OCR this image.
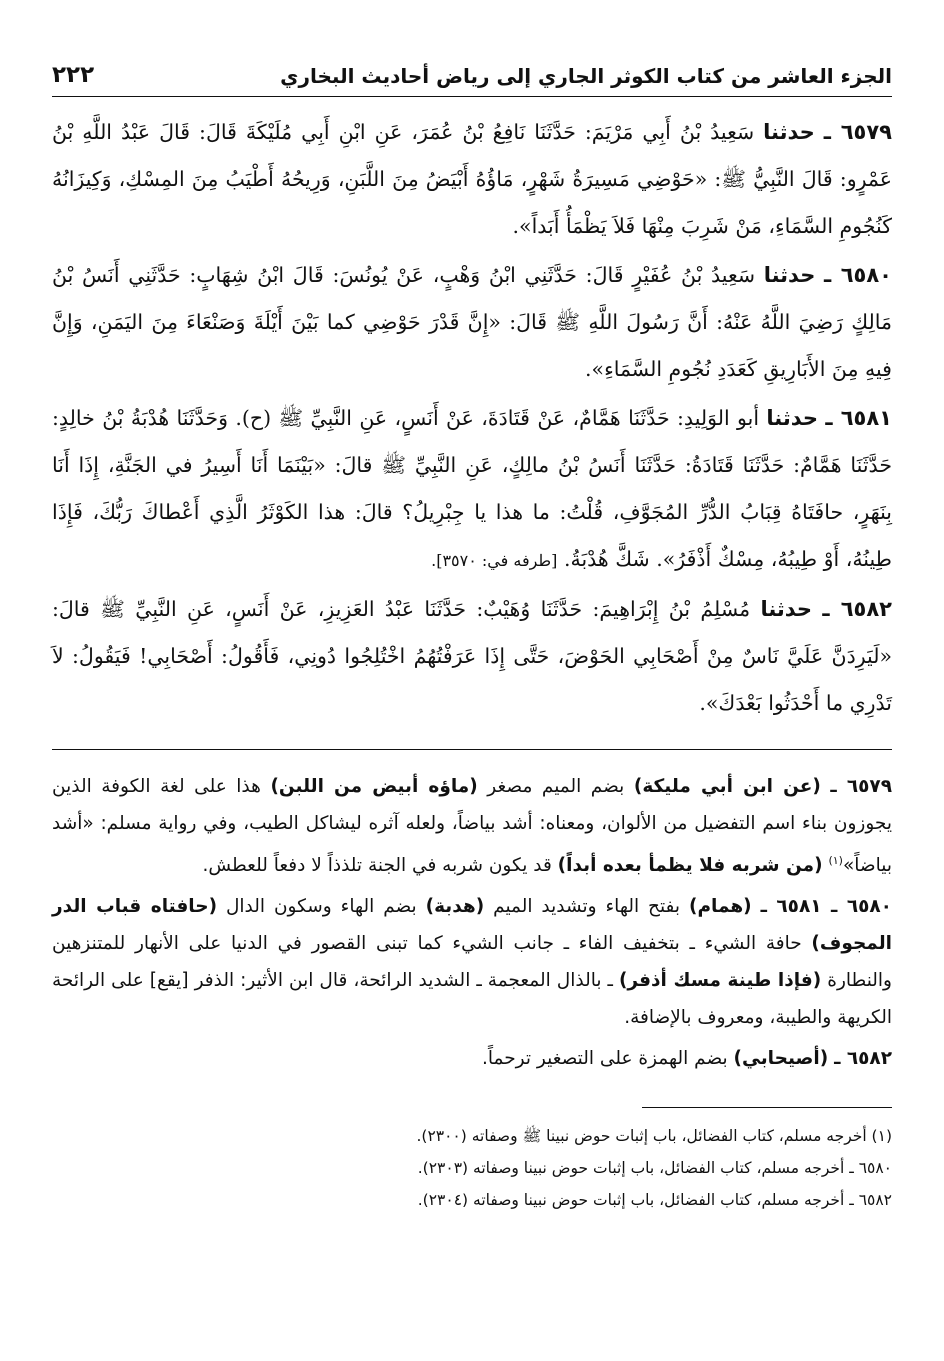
الجزء العاشر من كتاب الكوثر الجاري إلى رياض أحاديث البخاري
٢٢٢

٦٥٧٩ ـ حدثنا سَعِيدُ بْنُ أَبِي مَرْيَمَ: حَدَّثَنَا نَافِعُ بْنُ عُمَرَ، عَنِ ابْنِ أَبِي مُلَيْكَةَ قَالَ: قَالَ عَبْدُ اللَّهِ بْنُ عَمْرٍو: قَالَ النَّبِيُّ ﷺ: «حَوْضِي مَسِيرَةُ شَهْرٍ، مَاؤُهُ أَبْيَضُ مِنَ اللَّبَنِ، وَرِيحُهُ أَطْيَبُ مِنَ المِسْكِ، وَكِيزَانُهُ كَنُجُومِ السَّمَاءِ، مَنْ شَرِبَ مِنْهَا فَلاَ يَظْمَأُ أَبَداً».

٦٥٨٠ ـ حدثنا سَعِيدُ بْنُ عُفَيْرٍ قَالَ: حَدَّثَنِي ابْنُ وَهْبٍ، عَنْ يُونُسَ: قَالَ ابْنُ شِهَابٍ: حَدَّثَنِي أَنَسُ بْنُ مَالِكٍ رَضِيَ اللَّهُ عَنْهُ: أَنَّ رَسُولَ اللَّهِ ﷺ قَالَ: «إِنَّ قَدْرَ حَوْضِي كما بَيْنَ أَيْلَةَ وَصَنْعَاءَ مِنَ اليَمَنِ، وَإِنَّ فِيهِ مِنَ الأَبَارِيقِ كَعَدَدِ نُجُومِ السَّمَاءِ».

٦٥٨١ ـ حدثنا أبو الوَلِيدِ: حَدَّثَنَا هَمَّامٌ، عَنْ قَتَادَةَ، عَنْ أَنَسٍ، عَنِ النَّبِيِّ ﷺ (ح). وَحَدَّثَنَا هُدْبَةُ بْنُ خالِدٍ: حَدَّثَنَا هَمَّامٌ: حَدَّثَنَا قَتَادَةُ: حَدَّثَنَا أَنَسُ بْنُ مالِكٍ، عَنِ النَّبِيِّ ﷺ قالَ: «بَيْنَمَا أَنَا أَسِيرُ في الجَنَّةِ، إِذَا أَنَا بِنَهَرٍ، حافَتَاهُ قِبَابُ الدُّرِّ المُجَوَّفِ، قُلْتُ: ما هذا يا جِبْرِيلُ؟ قالَ: هذا الكَوْثَرُ الَّذِي أَعْطاكَ رَبُّكَ، فَإِذَا طِينُهُ، أَوْ طِيبُهُ، مِسْكٌ أَذْفَرُ». شَكَّ هُدْبَةُ. [طرفه في: ٣٥٧٠].

٦٥٨٢ ـ حدثنا مُسْلِمُ بْنُ إِبْرَاهِيمَ: حَدَّثَنَا وُهَيْبٌ: حَدَّثَنَا عَبْدُ العَزِيزِ، عَنْ أَنَسٍ، عَنِ النَّبِيِّ ﷺ قالَ: «لَيَرِدَنَّ عَلَيَّ نَاسٌ مِنْ أَصْحَابِي الحَوْضَ، حَتَّى إِذَا عَرَفْتُهُمُ اخْتُلِجُوا دُونِي، فَأَقُولُ: أَصْحَابِي! فَيَقُولُ: لاَ تَدْرِي ما أَحْدَثُوا بَعْدَكَ».

٦٥٧٩ ـ (عن ابن أبي مليكة) بضم الميم مصغر (ماؤه أبيض من اللبن) هذا على لغة الكوفة الذين يجوزون بناء اسم التفضيل من الألوان، ومعناه: أشد بياضاً، ولعله آثره ليشاكل الطيب، وفي رواية مسلم: «أشد بياضاً»$^{(١)}$ (من شربه فلا يظمأ بعده أبداً) قد يكون شربه في الجنة تلذذاً لا دفعاً للعطش.

٦٥٨٠ ـ ٦٥٨١ ـ (همام) بفتح الهاء وتشديد الميم (هدبة) بضم الهاء وسكون الدال (حافتاه قباب الدر المجوف) حافة الشيء ـ بتخفيف الفاء ـ جانب الشيء كما تبنى القصور في الدنيا على الأنهار للمتنزهين والنطارة (فإذا طينة مسك أذفر) ـ بالذال المعجمة ـ الشديد الرائحة، قال ابن الأثير: الذفر [يقع] على الرائحة الكريهة والطيبة، ومعروف بالإضافة.

٦٥٨٢ ـ (أصيحابي) بضم الهمزة على التصغير ترحماً.

(١) أخرجه مسلم، كتاب الفضائل، باب إثبات حوض نبينا ﷺ وصفاته (٢٣٠٠).

٦٥٨٠ ـ أخرجه مسلم، كتاب الفضائل، باب إثبات حوض نبينا وصفاته (٢٣٠٣).

٦٥٨٢ ـ أخرجه مسلم، كتاب الفضائل، باب إثبات حوض نبينا وصفاته (٢٣٠٤).
